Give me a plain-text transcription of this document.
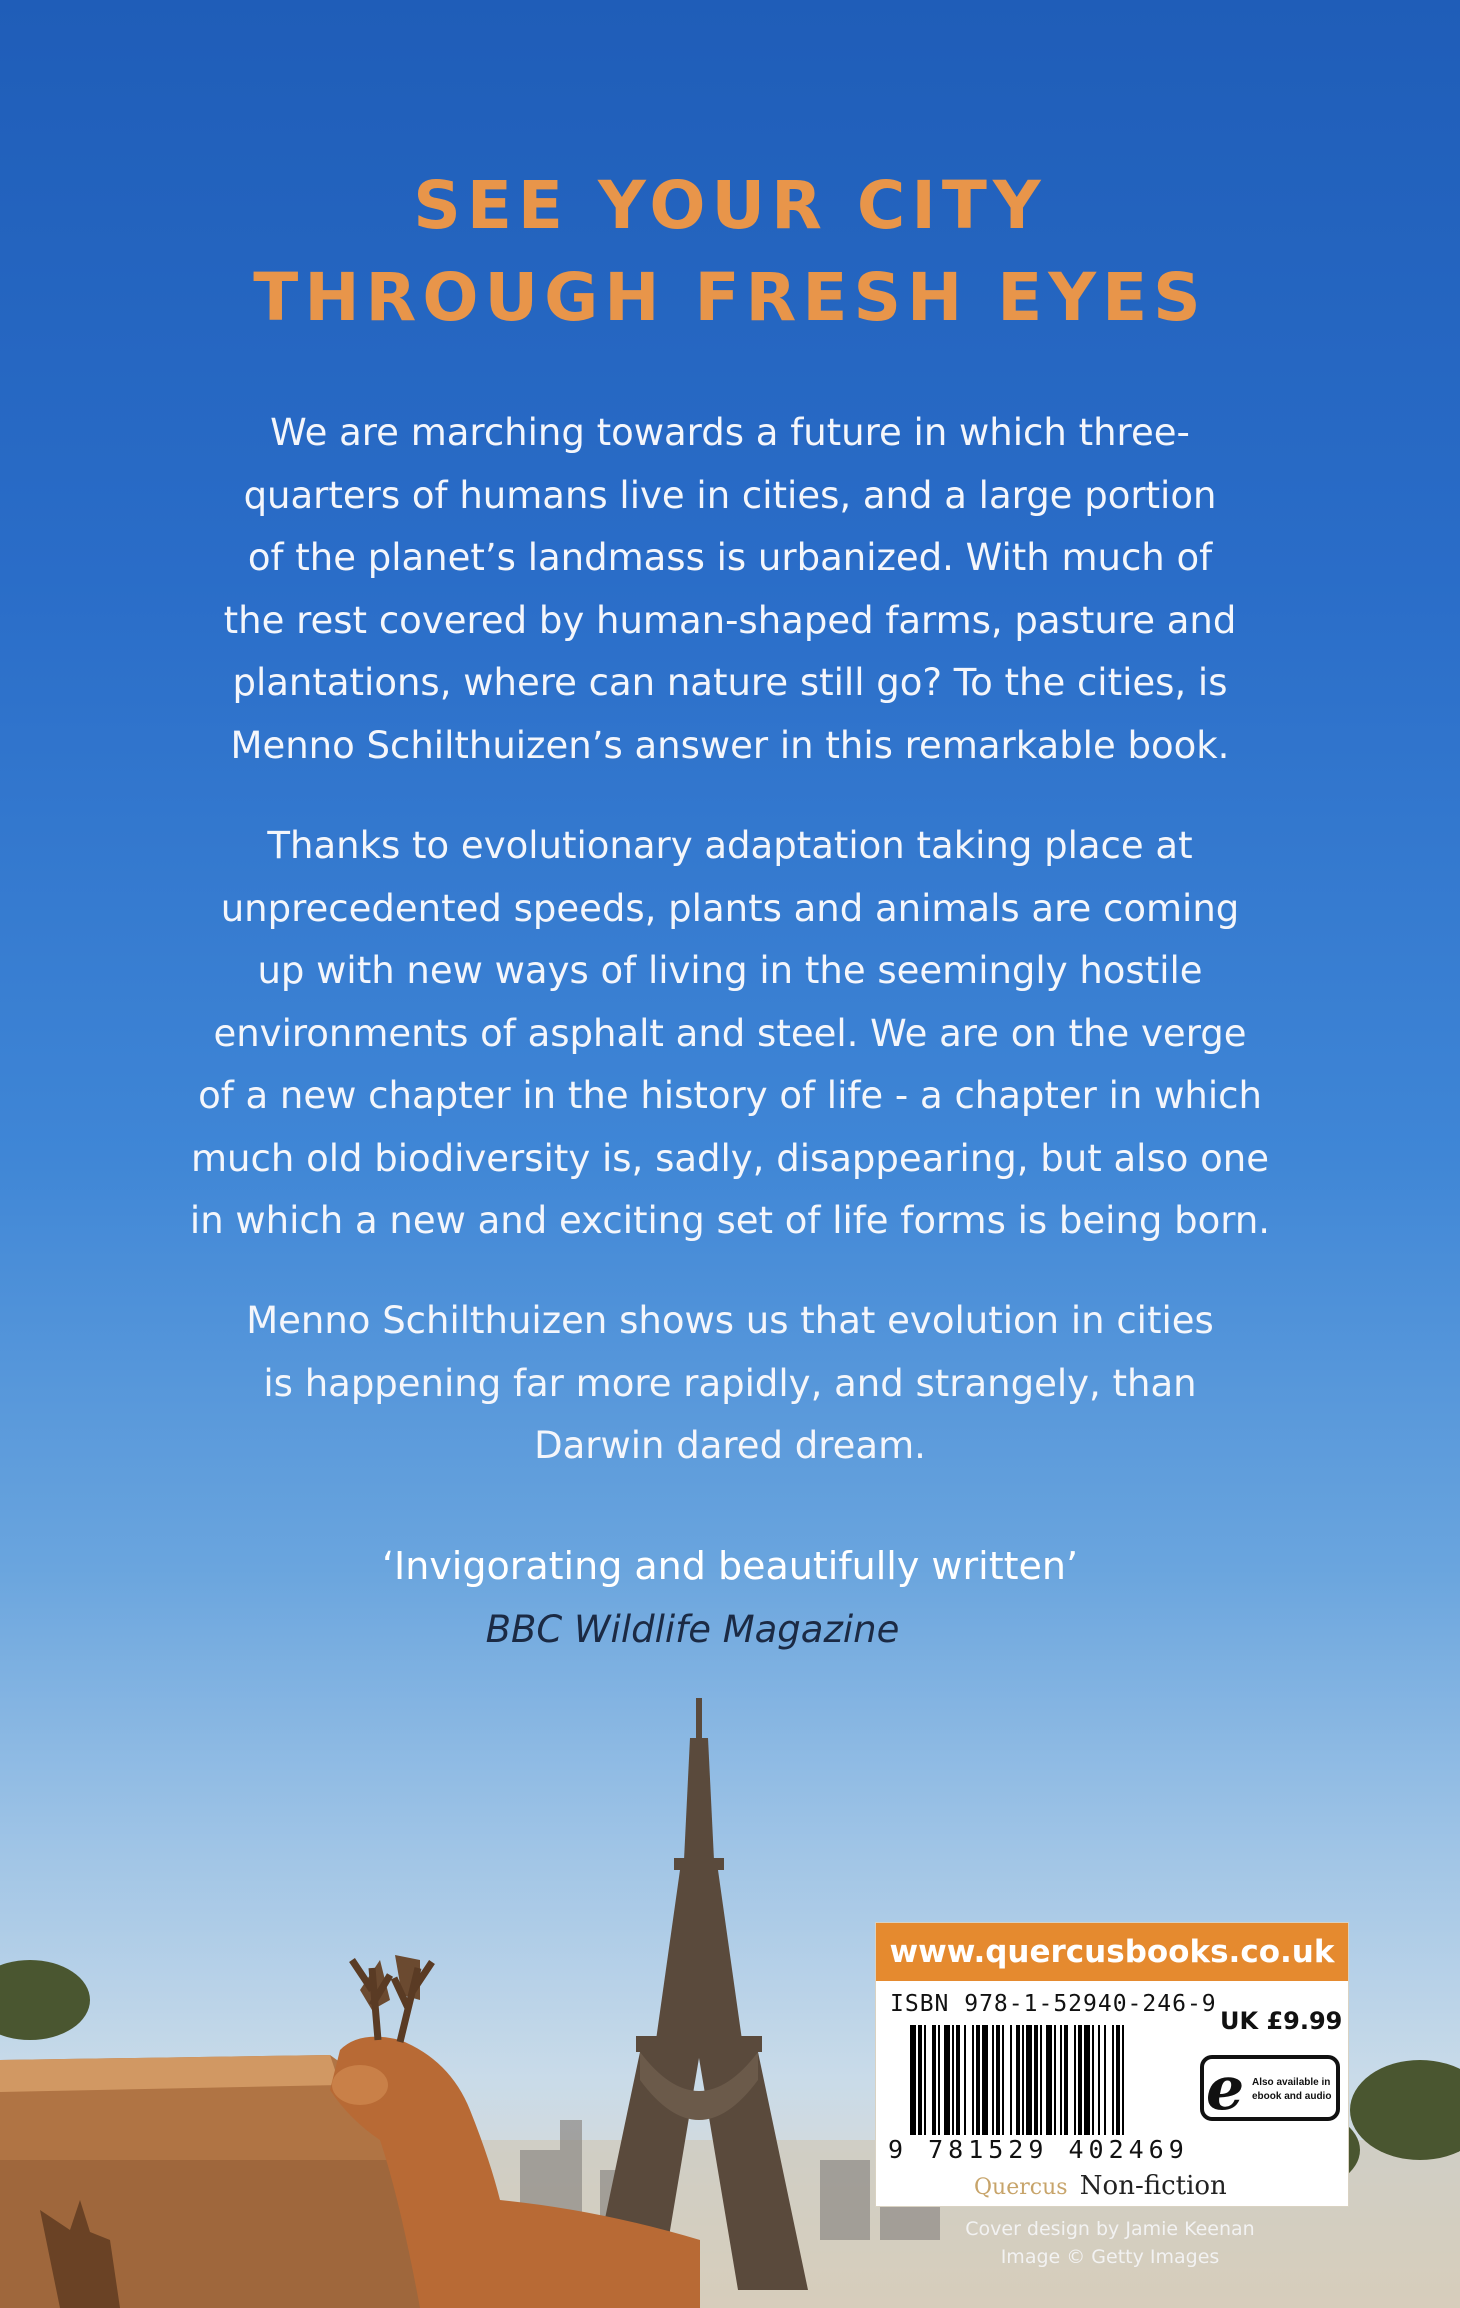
SEE YOUR CITY
THROUGH FRESH EYES
We are marching towards a future in which three-
quarters of humans live in cities, and a large portion
of the planet’s landmass is urbanized. With much of
the rest covered by human-shaped farms, pasture and
plantations, where can nature still go? To the cities, is
Menno Schilthuizen’s answer in this remarkable book.
Thanks to evolutionary adaptation taking place at
unprecedented speeds, plants and animals are coming
up with new ways of living in the seemingly hostile
environments of asphalt and steel. We are on the verge
of a new chapter in the history of life - a chapter in which
much old biodiversity is, sadly, disappearing, but also one
in which a new and exciting set of life forms is being born.
Menno Schilthuizen shows us that evolution in cities
is happening far more rapidly, and strangely, than
Darwin dared dream.
‘Invigorating and beautifully written’
BBC Wildlife Magazine
www.quercusbooks.co.uk
ISBN 978-1-52940-246-9
UK £9.99
9 781529 402469
e Also available in
ebook and audio
Quercus Non-fiction
Cover design by Jamie Keenan
Image © Getty Images
